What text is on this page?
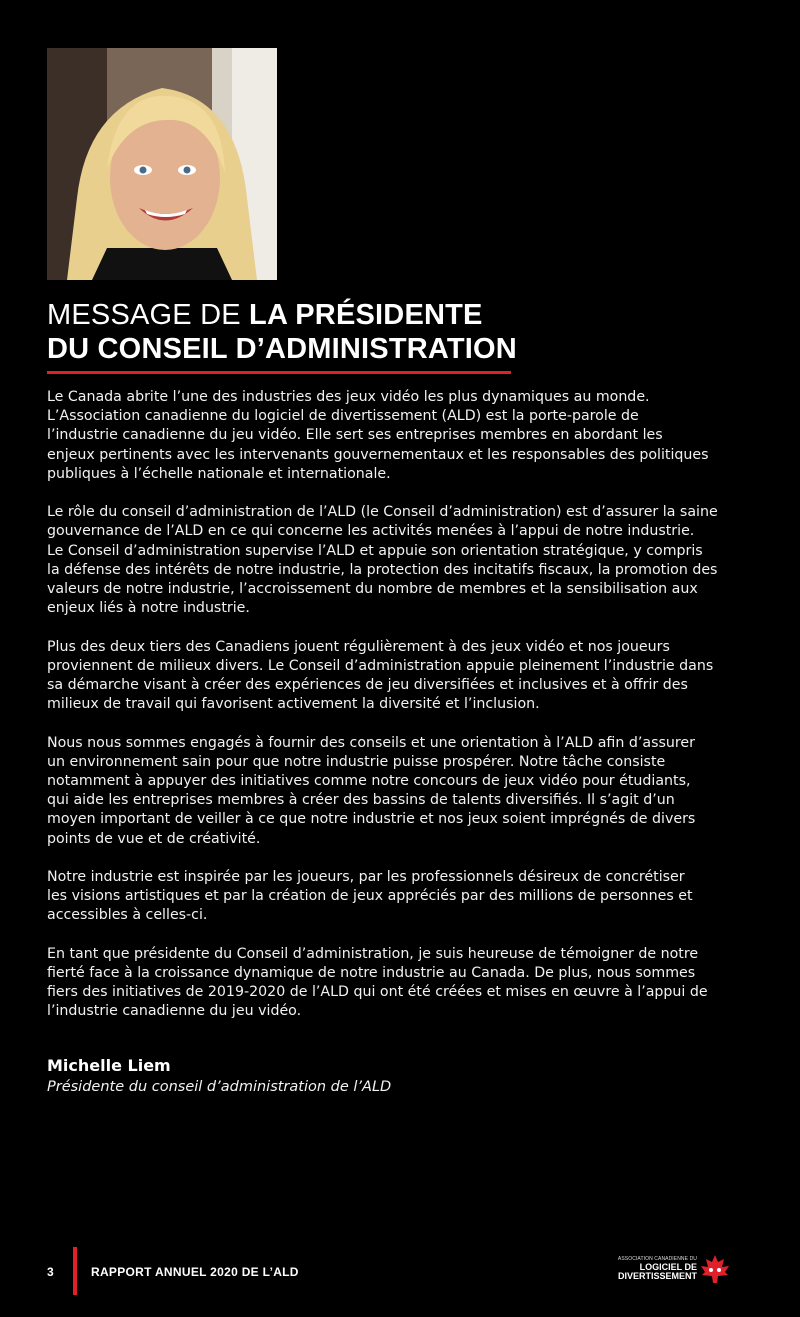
MESSAGE DE LA PRÉSIDENTE
DU CONSEIL D’ADMINISTRATION

Le Canada abrite l’une des industries des jeux vidéo les plus dynamiques au monde.
L’Association canadienne du logiciel de divertissement (ALD) est la porte-parole de
l’industrie canadienne du jeu vidéo. Elle sert ses entreprises membres en abordant les
enjeux pertinents avec les intervenants gouvernementaux et les responsables des politiques
publiques à l’échelle nationale et internationale.

Le rôle du conseil d’administration de l’ALD (le Conseil d’administration) est d’assurer la saine
gouvernance de l’ALD en ce qui concerne les activités menées à l’appui de notre industrie.
Le Conseil d’administration supervise l’ALD et appuie son orientation stratégique, y compris
la défense des intérêts de notre industrie, la protection des incitatifs fiscaux, la promotion des
valeurs de notre industrie, l’accroissement du nombre de membres et la sensibilisation aux
enjeux liés à notre industrie.

Plus des deux tiers des Canadiens jouent régulièrement à des jeux vidéo et nos joueurs
proviennent de milieux divers. Le Conseil d’administration appuie pleinement l’industrie dans
sa démarche visant à créer des expériences de jeu diversifiées et inclusives et à offrir des
milieux de travail qui favorisent activement la diversité et l’inclusion.

Nous nous sommes engagés à fournir des conseils et une orientation à l’ALD afin d’assurer
un environnement sain pour que notre industrie puisse prospérer. Notre tâche consiste
notamment à appuyer des initiatives comme notre concours de jeux vidéo pour étudiants,
qui aide les entreprises membres à créer des bassins de talents diversifiés. Il s’agit d’un
moyen important de veiller à ce que notre industrie et nos jeux soient imprégnés de divers
points de vue et de créativité.

Notre industrie est inspirée par les joueurs, par les professionnels désireux de concrétiser
les visions artistiques et par la création de jeux appréciés par des millions de personnes et
accessibles à celles-ci.

En tant que présidente du Conseil d’administration, je suis heureuse de témoigner de notre
fierté face à la croissance dynamique de notre industrie au Canada. De plus, nous sommes
fiers des initiatives de 2019-2020 de l’ALD qui ont été créées et mises en œuvre à l’appui de
l’industrie canadienne du jeu vidéo.

Michelle Liem
Présidente du conseil d’administration de l’ALD
3	RAPPORT ANNUEL 2020 DE L’ALD
ASSOCIATION CANADIENNE DU
LOGICIEL DE
DIVERTISSEMENT
